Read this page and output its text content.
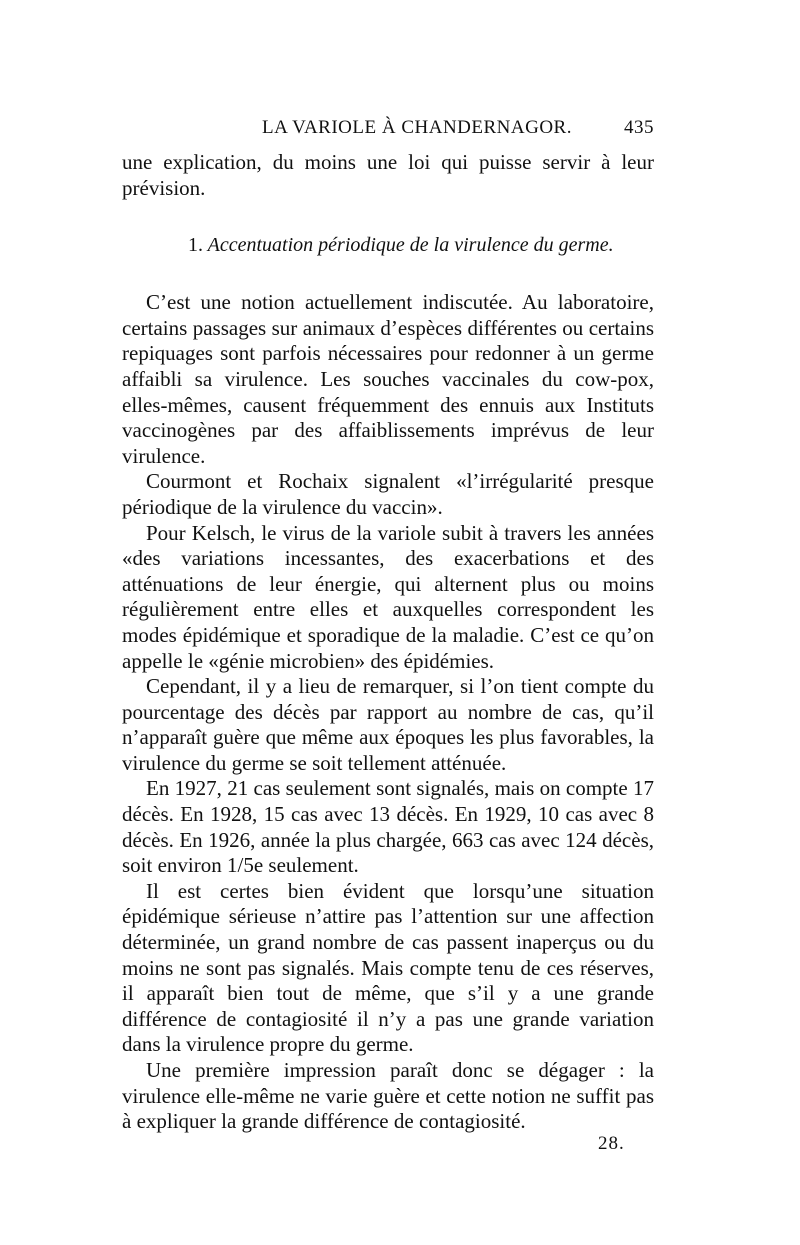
LA VARIOLE À CHANDERNAGOR.	435

une explication, du moins une loi qui puisse servir à leur prévision.

1. Accentuation périodique de la virulence du germe.

C’est une notion actuellement indiscutée. Au laboratoire, certains passages sur animaux d’espèces différentes ou certains repiquages sont parfois nécessaires pour redonner à un germe affaibli sa virulence. Les souches vaccinales du cow-pox, elles-mêmes, causent fréquemment des ennuis aux Instituts vaccinogènes par des affaiblissements imprévus de leur virulence.

Courmont et Rochaix signalent «l’irrégularité presque périodique de la virulence du vaccin».

Pour Kelsch, le virus de la variole subit à travers les années «des variations incessantes, des exacerbations et des atténuations de leur énergie, qui alternent plus ou moins régulièrement entre elles et auxquelles correspondent les modes épidémique et sporadique de la maladie. C’est ce qu’on appelle le «génie microbien» des épidémies.

Cependant, il y a lieu de remarquer, si l’on tient compte du pourcentage des décès par rapport au nombre de cas, qu’il n’apparaît guère que même aux époques les plus favorables, la virulence du germe se soit tellement atténuée.

En 1927, 21 cas seulement sont signalés, mais on compte 17 décès. En 1928, 15 cas avec 13 décès. En 1929, 10 cas avec 8 décès. En 1926, année la plus chargée, 663 cas avec 124 décès, soit environ 1/5e seulement.

Il est certes bien évident que lorsqu’une situation épidémique sérieuse n’attire pas l’attention sur une affection déterminée, un grand nombre de cas passent inaperçus ou du moins ne sont pas signalés. Mais compte tenu de ces réserves, il apparaît bien tout de même, que s’il y a une grande différence de contagiosité il n’y a pas une grande variation dans la virulence propre du germe.

Une première impression paraît donc se dégager : la virulence elle-même ne varie guère et cette notion ne suffit pas à expliquer la grande différence de contagiosité.

28.
